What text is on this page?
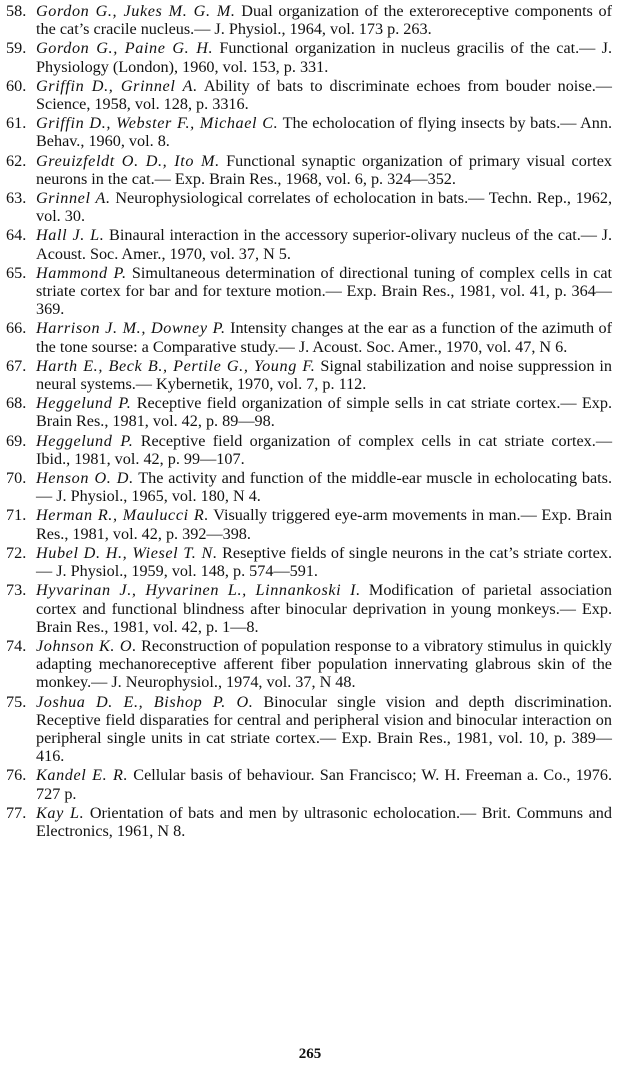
58. Gordon G., Jukes M. G. M. Dual organization of the exteroreceptive components of the cat’s cracile nucleus.— J. Physiol., 1964, vol. 173 p. 263.
59. Gordon G., Paine G. H. Functional organization in nucleus gracilis of the cat.— J. Physiology (London), 1960, vol. 153, p. 331.
60. Griffin D., Grinnel A. Ability of bats to discriminate echoes from bouder noise.— Science, 1958, vol. 128, p. 3316.
61. Griffin D., Webster F., Michael C. The echolocation of flying insects by bats.— Ann. Behav., 1960, vol. 8.
62. Greuizfeldt O. D., Ito M. Functional synaptic organization of primary visual cortex neurons in the cat.— Exp. Brain Res., 1968, vol. 6, p. 324—352.
63. Grinnel A. Neurophysiological correlates of echolocation in bats.— Techn. Rep., 1962, vol. 30.
64. Hall J. L. Binaural interaction in the accessory superior-olivary nucleus of the cat.— J. Acoust. Soc. Amer., 1970, vol. 37, N 5.
65. Hammond P. Simultaneous determination of directional tuning of complex cells in cat striate cortex for bar and for texture motion.— Exp. Brain Res., 1981, vol. 41, p. 364—369.
66. Harrison J. M., Downey P. Intensity changes at the ear as a function of the azimuth of the tone sourse: a Comparative study.— J. Acoust. Soc. Amer., 1970, vol. 47, N 6.
67. Harth E., Beck B., Pertile G., Young F. Signal stabilization and noise suppression in neural systems.— Kybernetik, 1970, vol. 7, p. 112.
68. Heggelund P. Receptive field organization of simple sells in cat striate cortex.— Exp. Brain Res., 1981, vol. 42, p. 89—98.
69. Heggelund P. Receptive field organization of complex cells in cat striate cortex.— Ibid., 1981, vol. 42, p. 99—107.
70. Henson O. D. The activity and function of the middle-ear muscle in echolocating bats.— J. Physiol., 1965, vol. 180, N 4.
71. Herman R., Maulucci R. Visually triggered eye-arm movements in man.— Exp. Brain Res., 1981, vol. 42, p. 392—398.
72. Hubel D. H., Wiesel T. N. Reseptive fields of single neurons in the cat’s striate cortex.— J. Physiol., 1959, vol. 148, p. 574—591.
73. Hyvarinan J., Hyvarinen L., Linnankoski I. Modification of parietal association cortex and functional blindness after binocular deprivation in young monkeys.— Exp. Brain Res., 1981, vol. 42, p. 1—8.
74. Johnson K. O. Reconstruction of population response to a vibratory stimulus in quickly adapting mechanoreceptive afferent fiber population innervating glabrous skin of the monkey.— J. Neurophysiol., 1974, vol. 37, N 48.
75. Joshua D. E., Bishop P. O. Binocular single vision and depth discrimination. Receptive field disparaties for central and peripheral vision and binocular interaction on peripheral single units in cat striate cortex.— Exp. Brain Res., 1981, vol. 10, p. 389—416.
76. Kandel E. R. Cellular basis of behaviour. San Francisco; W. H. Freeman a. Co., 1976. 727 p.
77. Kay L. Orientation of bats and men by ultrasonic echolocation.— Brit. Communs and Electronics, 1961, N 8.
265
